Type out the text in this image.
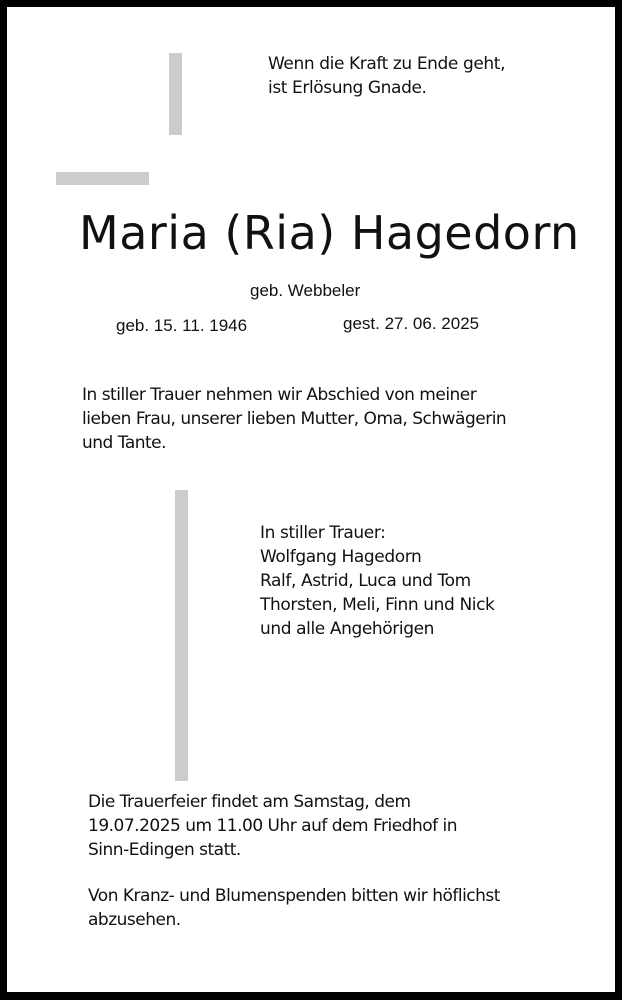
Wenn die Kraft zu Ende geht,
ist Erlösung Gnade.
Maria (Ria) Hagedorn
geb. Webbeler
geb. 15. 11. 1946	gest. 27. 06. 2025
In stiller Trauer nehmen wir Abschied von meiner
lieben Frau, unserer lieben Mutter, Oma, Schwägerin
und Tante.
In stiller Trauer:
Wolfgang Hagedorn
Ralf, Astrid, Luca und Tom
Thorsten, Meli, Finn und Nick
und alle Angehörigen
Die Trauerfeier findet am Samstag, dem
19.07.2025 um 11.00 Uhr auf dem Friedhof in
Sinn-Edingen statt.
Von Kranz- und Blumenspenden bitten wir höflichst
abzusehen.
